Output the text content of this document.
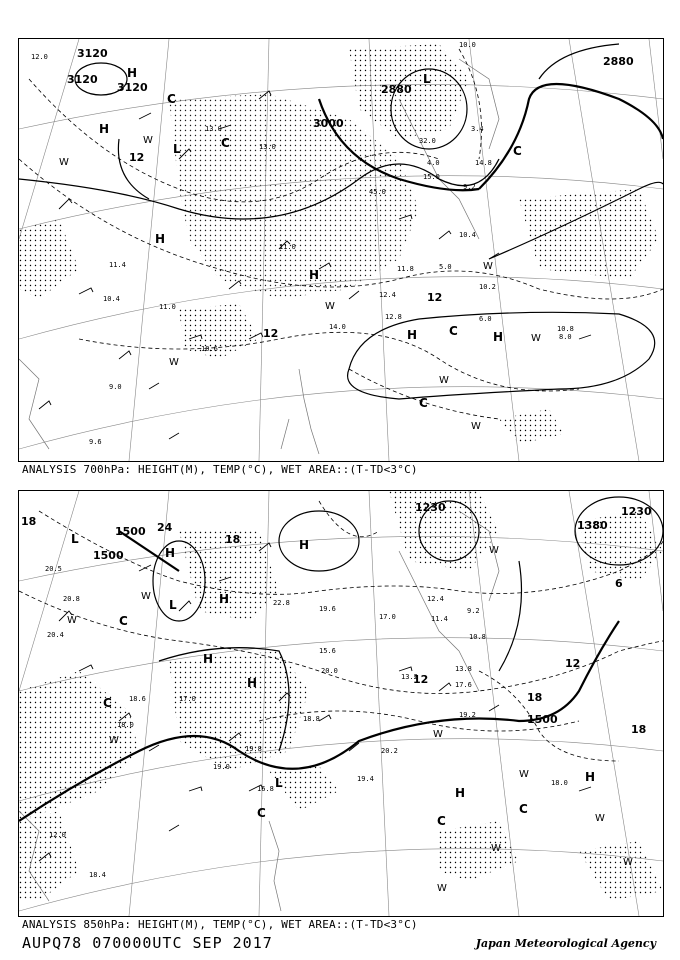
3120
3120
3120
3000
2880
2880
12
12
12
H
H
H	H
L
L
H
H
C
C
C
C
C
W
W
W
W
W
W
W
W
12.0
11.4
10.4
11.0
9.0
14.0
13.0
10.2
10.8
12.4
12.8
10.4
11.8
8.0
6.0
5.0
3.4
4.0	14.8
9.2
32.0
10.0
15.0
45.0
13.0
11.0
10.6
9.6
ANALYSIS 700hPa: HEIGHT(M), TEMP(°C), WET AREA::(T-TD<3°C)
1500
1500
1500
1380
1230	1230
24
18
18
18
18
12
12
6
L
L
L
H
H
H
H
H
H
H
C
C
C
C
C
W
W
W
W
W
W
W
W
W
W
20.5
20.8
20.4
18.0
17.0
19.8
19.0
18.8
19.4
20.2
15.6
17.0
13.8
18.0
11.4
9.2
12.4
10.8
19.2
16.8
18.6
18.4
22.8
19.6
20.0
17.6
13.2
12.0
ANALYSIS 850hPa: HEIGHT(M), TEMP(°C), WET AREA::(T-TD<3°C)
AUPQ78 070000UTC SEP 2017	Japan Meteorological Agency
